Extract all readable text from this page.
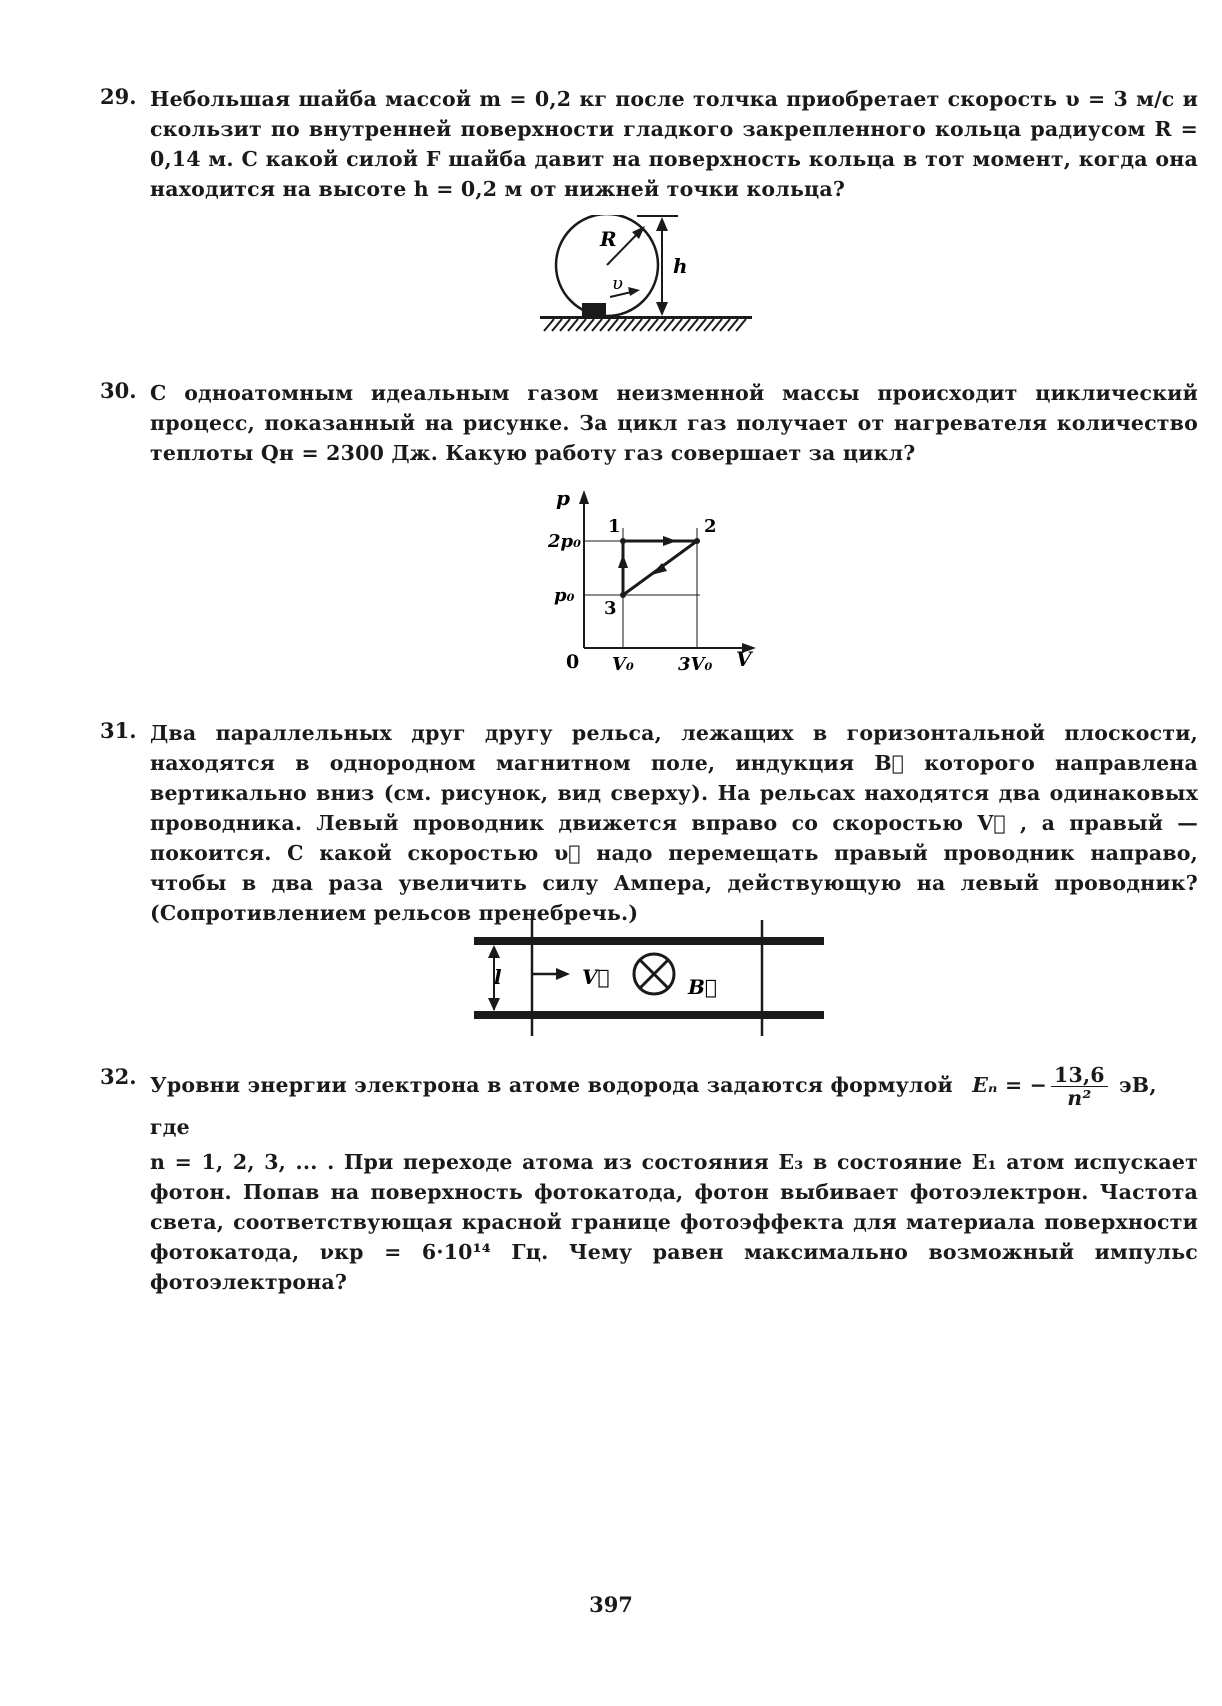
29. Небольшая шайба массой m = 0,2 кг после толчка приобретает скорость υ = 3 м/с и скользит по внутренней поверхности гладкого закрепленного кольца радиусом R = 0,14 м. С какой силой F шайба давит на поверхность кольца в тот момент, когда она находится на высоте h = 0,2 м от нижней точки кольца?
R
υ
h
30. С одноатомным идеальным газом неизменной массы происходит циклический процесс, показанный на рисунке. За цикл газ получает от нагревателя количество теплоты Qн = 2300 Дж. Какую работу газ совершает за цикл?
p
V
0
2p₀
p₀
V₀ 3V₀
1	2
3
31. Два параллельных друг другу рельса, лежащих в горизонтальной плоскости, находятся в однородном магнитном поле, индукция B⃗ которого направлена вертикально вниз (см. рисунок, вид сверху). На рельсах находятся два одинаковых проводника. Левый проводник движется вправо со скоростью V⃗ , а правый — покоится. С какой скоростью υ⃗ надо перемещать правый проводник направо, чтобы в два раза увеличить силу Ампера, действующую на левый проводник? (Сопротивлением рельсов пренебречь.)
l	V⃗	B⃗
32. Уровни энергии электрона в атоме водорода задаются формулой Eₙ = − $\frac{13,6}{\text{n²}}$ эВ, где
n = 1, 2, 3, ... . При переходе атома из состояния E₃ в состояние E₁ атом испускает фотон. Попав на поверхность фотокатода, фотон выбивает фотоэлектрон. Частота света, соответствующая красной границе фотоэффекта для материала поверхности фотокатода, νкр = 6·10¹⁴ Гц. Чему равен максимально возможный импульс фотоэлектрона?
397
